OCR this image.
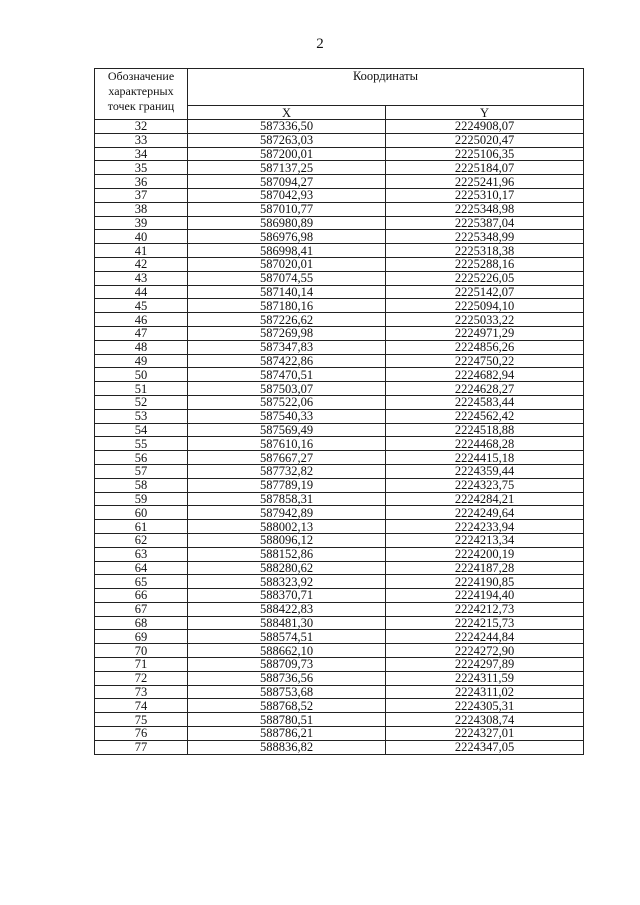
2
Обозначение характерных точек границ	Координаты	
	X	Y
32	587336,50	2224908,07
33	587263,03	2225020,47
34	587200,01	2225106,35
35	587137,25	2225184,07
36	587094,27	2225241,96
37	587042,93	2225310,17
38	587010,77	2225348,98
39	586980,89	2225387,04
40	586976,98	2225348,99
41	586998,41	2225318,38
42	587020,01	2225288,16
43	587074,55	2225226,05
44	587140,14	2225142,07
45	587180,16	2225094,10
46	587226,62	2225033,22
47	587269,98	2224971,29
48	587347,83	2224856,26
49	587422,86	2224750,22
50	587470,51	2224682,94
51	587503,07	2224628,27
52	587522,06	2224583,44
53	587540,33	2224562,42
54	587569,49	2224518,88
55	587610,16	2224468,28
56	587667,27	2224415,18
57	587732,82	2224359,44
58	587789,19	2224323,75
59	587858,31	2224284,21
60	587942,89	2224249,64
61	588002,13	2224233,94
62	588096,12	2224213,34
63	588152,86	2224200,19
64	588280,62	2224187,28
65	588323,92	2224190,85
66	588370,71	2224194,40
67	588422,83	2224212,73
68	588481,30	2224215,73
69	588574,51	2224244,84
70	588662,10	2224272,90
71	588709,73	2224297,89
72	588736,56	2224311,59
73	588753,68	2224311,02
74	588768,52	2224305,31
75	588780,51	2224308,74
76	588786,21	2224327,01
77	588836,82	2224347,05
